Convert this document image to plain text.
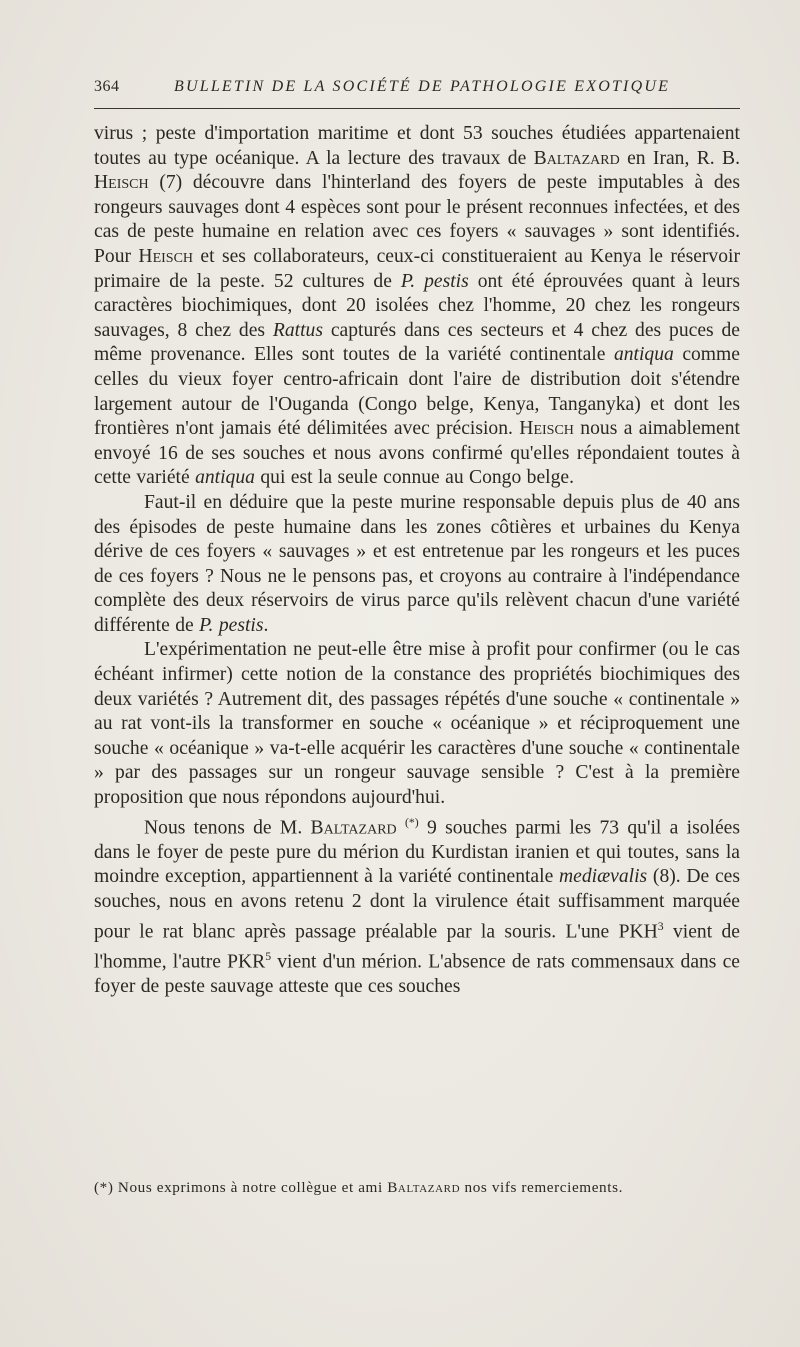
364	BULLETIN DE LA SOCIÉTÉ DE PATHOLOGIE EXOTIQUE

virus ; peste d'importation maritime et dont 53 souches étudiées appartenaient toutes au type océanique. A la lecture des travaux de Baltazard en Iran, R. B. Heisch (7) découvre dans l'hinterland des foyers de peste imputables à des rongeurs sauvages dont 4 espèces sont pour le présent reconnues infectées, et des cas de peste humaine en relation avec ces foyers « sauvages » sont identifiés. Pour Heisch et ses collaborateurs, ceux-ci constitueraient au Kenya le réservoir primaire de la peste. 52 cultures de P. pestis ont été éprouvées quant à leurs caractères biochimiques, dont 20 isolées chez l'homme, 20 chez les rongeurs sauvages, 8 chez des Rattus capturés dans ces secteurs et 4 chez des puces de même provenance. Elles sont toutes de la variété continentale antiqua comme celles du vieux foyer centro-africain dont l'aire de distribution doit s'étendre largement autour de l'Ouganda (Congo belge, Kenya, Tanganyka) et dont les frontières n'ont jamais été délimitées avec précision. Heisch nous a aimablement envoyé 16 de ses souches et nous avons confirmé qu'elles répondaient toutes à cette variété antiqua qui est la seule connue au Congo belge.

Faut-il en déduire que la peste murine responsable depuis plus de 40 ans des épisodes de peste humaine dans les zones côtières et urbaines du Kenya dérive de ces foyers « sauvages » et est entretenue par les rongeurs et les puces de ces foyers ? Nous ne le pensons pas, et croyons au contraire à l'indépendance complète des deux réservoirs de virus parce qu'ils relèvent chacun d'une variété différente de P. pestis.

L'expérimentation ne peut-elle être mise à profit pour confirmer (ou le cas échéant infirmer) cette notion de la constance des propriétés biochimiques des deux variétés ? Autrement dit, des passages répétés d'une souche « continentale » au rat vont-ils la transformer en souche « océanique » et réciproquement une souche « océanique » va-t-elle acquérir les caractères d'une souche « continentale » par des passages sur un rongeur sauvage sensible ? C'est à la première proposition que nous répondons aujourd'hui.

Nous tenons de M. Baltazard (*) 9 souches parmi les 73 qu'il a isolées dans le foyer de peste pure du mérion du Kurdistan iranien et qui toutes, sans la moindre exception, appartiennent à la variété continentale mediævalis (8). De ces souches, nous en avons retenu 2 dont la virulence était suffisamment marquée pour le rat blanc après passage préalable par la souris. L'une PKH$^3$ vient de l'homme, l'autre PKR$^5$ vient d'un mérion. L'absence de rats commensaux dans ce foyer de peste sauvage atteste que ces souches

(*) Nous exprimons à notre collègue et ami Baltazard nos vifs remerciements.
